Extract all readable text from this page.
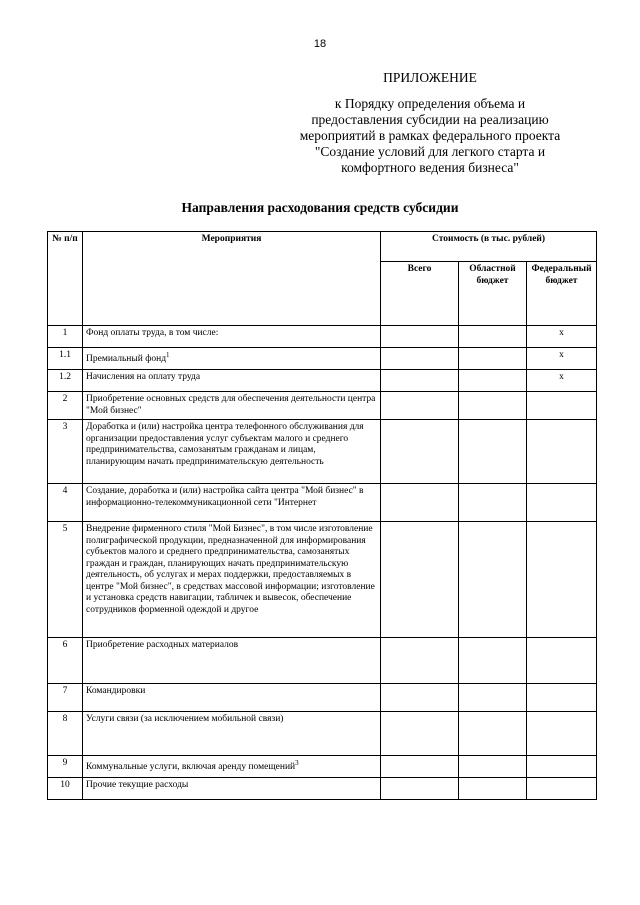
18
ПРИЛОЖЕНИЕ
к Порядку определения объема и
предоставления субсидии на реализацию
мероприятий в рамках федерального проекта
"Создание условий для легкого старта и
комфортного ведения бизнеса"
Направления расходования средств субсидии
№ п/п	Мероприятия	Стоимость (в тыс. рублей)		
		Всего	Областной бюджет	Федеральный бюджет
1	Фонд оплаты труда, в том числе:			x
1.1	Премиальный фонд$^1$			x
1.2	Начисления на оплату труда			x
2	Приобретение основных средств для обеспечения деятельности центра "Мой бизнес"			
3	Доработка и (или) настройка центра телефонного обслуживания для организации предоставления услуг субъектам малого и среднего предпринимательства, самозанятым гражданам и лицам, планирующим начать предпринимательскую деятельность			
4	Создание, доработка и (или) настройка сайта центра "Мой бизнес" в информационно-телекоммуникационной сети "Интернет			
5	Внедрение фирменного стиля "Мой Бизнес", в том числе изготовление полиграфической продукции, предназначенной для информирования субъектов малого и среднего предпринимательства, самозанятых граждан и граждан, планирующих начать предпринимательскую деятельность, об услугах и мерах поддержки, предоставляемых в центре "Мой бизнес", в средствах массовой информации; изготовление и установка средств навигации, табличек и вывесок, обеспечение сотрудников форменной одеждой и другое			
6	Приобретение расходных материалов			
7	Командировки			
8	Услуги связи (за исключением мобильной связи)			
9	Коммунальные услуги, включая аренду помещений$^3$			
10	Прочие текущие расходы			
